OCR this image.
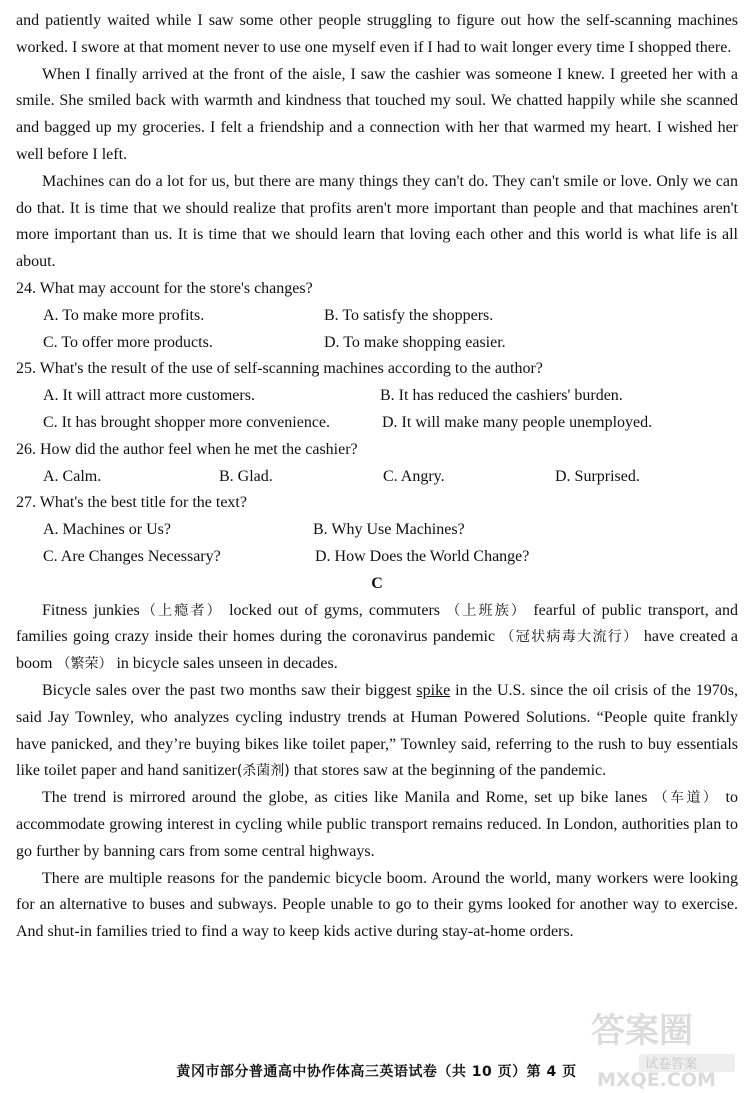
and patiently waited while I saw some other people struggling to figure out how the self-scanning machines worked. I swore at that moment never to use one myself even if I had to wait longer every time I shopped there.

When I finally arrived at the front of the aisle, I saw the cashier was someone I knew. I greeted her with a smile. She smiled back with warmth and kindness that touched my soul. We chatted happily while she scanned and bagged up my groceries. I felt a friendship and a connection with her that warmed my heart. I wished her well before I left.

Machines can do a lot for us, but there are many things they can't do. They can't smile or love. Only we can do that. It is time that we should realize that profits aren't more important than people and that machines aren't more important than us. It is time that we should learn that loving each other and this world is what life is all about.

24. What may account for the store's changes?
A. To make more profits.	B. To satisfy the shoppers.
C. To offer more products.	D. To make shopping easier.
25. What's the result of the use of self-scanning machines according to the author?
A. It will attract more customers.	B. It has reduced the cashiers' burden.
C. It has brought shopper more convenience.	D. It will make many people unemployed.
26. How did the author feel when he met the cashier?
A. Calm.	B. Glad.	C. Angry.	D. Surprised.
27. What's the best title for the text?
A. Machines or Us?	B. Why Use Machines?
C. Are Changes Necessary?	D. How Does the World Change?
C

Fitness junkies（上瘾者） locked out of gyms, commuters （上班族） fearful of public transport, and families going crazy inside their homes during the coronavirus pandemic （冠状病毒大流行） have created a boom （繁荣） in bicycle sales unseen in decades.

Bicycle sales over the past two months saw their biggest spike in the U.S. since the oil crisis of the 1970s, said Jay Townley, who analyzes cycling industry trends at Human Powered Solutions. “People quite frankly have panicked, and they’re buying bikes like toilet paper,” Townley said, referring to the rush to buy essentials like toilet paper and hand sanitizer(杀菌剂) that stores saw at the beginning of the pandemic.

The trend is mirrored around the globe, as cities like Manila and Rome, set up bike lanes （车道） to accommodate growing interest in cycling while public transport remains reduced. In London, authorities plan to go further by banning cars from some central highways.

There are multiple reasons for the pandemic bicycle boom. Around the world, many workers were looking for an alternative to buses and subways. People unable to go to their gyms looked for another way to exercise. And shut-in families tried to find a way to keep kids active during stay-at-home orders.

答案圈
试卷答案
MXQE.COM
黄冈市部分普通高中协作体高三英语试卷（共 10 页）第 4 页
